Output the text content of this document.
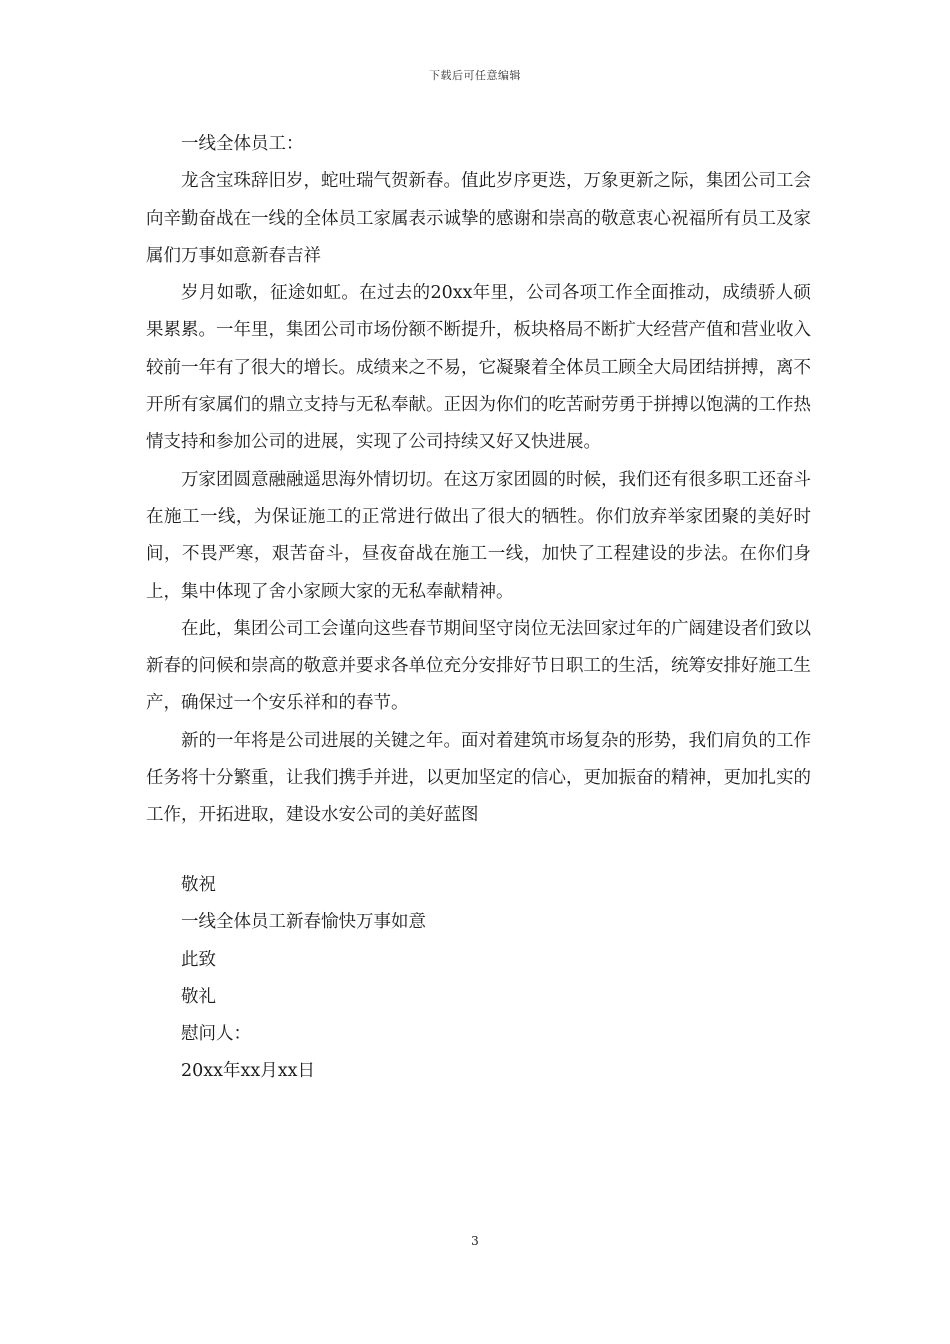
下载后可任意编辑

一线全体员工：

龙含宝珠辞旧岁，蛇吐瑞气贺新春。值此岁序更迭，万象更新之际，集团公司工会向辛勤奋战在一线的全体员工家属表示诚挚的感谢和崇高的敬意衷心祝福所有员工及家属们万事如意新春吉祥

岁月如歌，征途如虹。在过去的20xx年里，公司各项工作全面推动，成绩骄人硕果累累。一年里，集团公司市场份额不断提升，板块格局不断扩大经营产值和营业收入较前一年有了很大的增长。成绩来之不易，它凝聚着全体员工顾全大局团结拼搏，离不开所有家属们的鼎立支持与无私奉献。正因为你们的吃苦耐劳勇于拼搏以饱满的工作热情支持和参加公司的进展，实现了公司持续又好又快进展。

万家团圆意融融遥思海外情切切。在这万家团圆的时候，我们还有很多职工还奋斗在施工一线，为保证施工的正常进行做出了很大的牺牲。你们放弃举家团聚的美好时间，不畏严寒，艰苦奋斗，昼夜奋战在施工一线，加快了工程建设的步法。在你们身上，集中体现了舍小家顾大家的无私奉献精神。

在此，集团公司工会谨向这些春节期间坚守岗位无法回家过年的广阔建设者们致以新春的问候和崇高的敬意并要求各单位充分安排好节日职工的生活，统筹安排好施工生产，确保过一个安乐祥和的春节。

新的一年将是公司进展的关键之年。面对着建筑市场复杂的形势，我们肩负的工作任务将十分繁重，让我们携手并进，以更加坚定的信心，更加振奋的精神，更加扎实的工作，开拓进取，建设水安公司的美好蓝图

敬祝
一线全体员工新春愉快万事如意
此致
敬礼
慰问人：
20xx年xx月xx日
3
